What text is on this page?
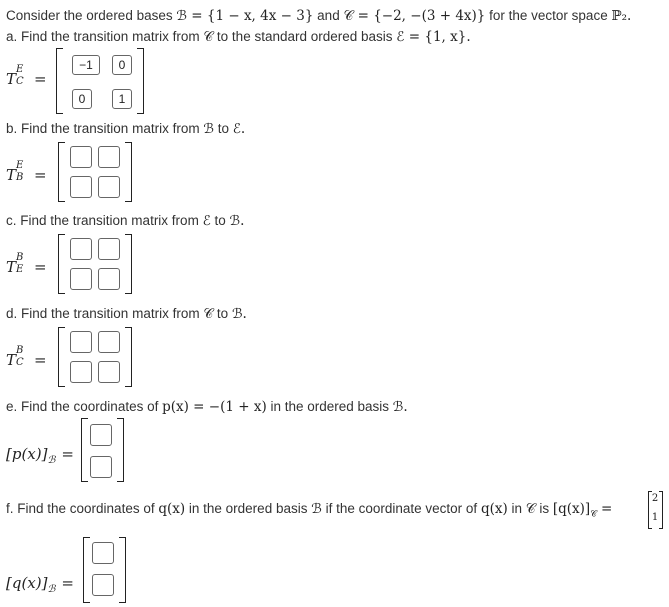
Consider the ordered bases ℬ = {1 − x, 4x − 3} and 𝒞 = {−2, −(3 + 4x)} for the vector space ℙ₂.
a. Find the transition matrix from 𝒞 to the standard ordered basis ℰ = {1, x}.
T
E
C =
−1	0
0	1
b. Find the transition matrix from ℬ to ℰ.
T
E
B =
c. Find the transition matrix from ℰ to ℬ.
T
B
E =
d. Find the transition matrix from 𝒞 to ℬ.
T
B
C =
e. Find the coordinates of p(x) = −(1 + x) in the ordered basis ℬ.
$[p(x)]_ℬ$ =
f. Find the coordinates of q(x) in the ordered basis ℬ if the coordinate vector of q(x) in 𝒞 is $[q(x)]_𝒞$ =
2
1
$[q(x)]_ℬ$ =
